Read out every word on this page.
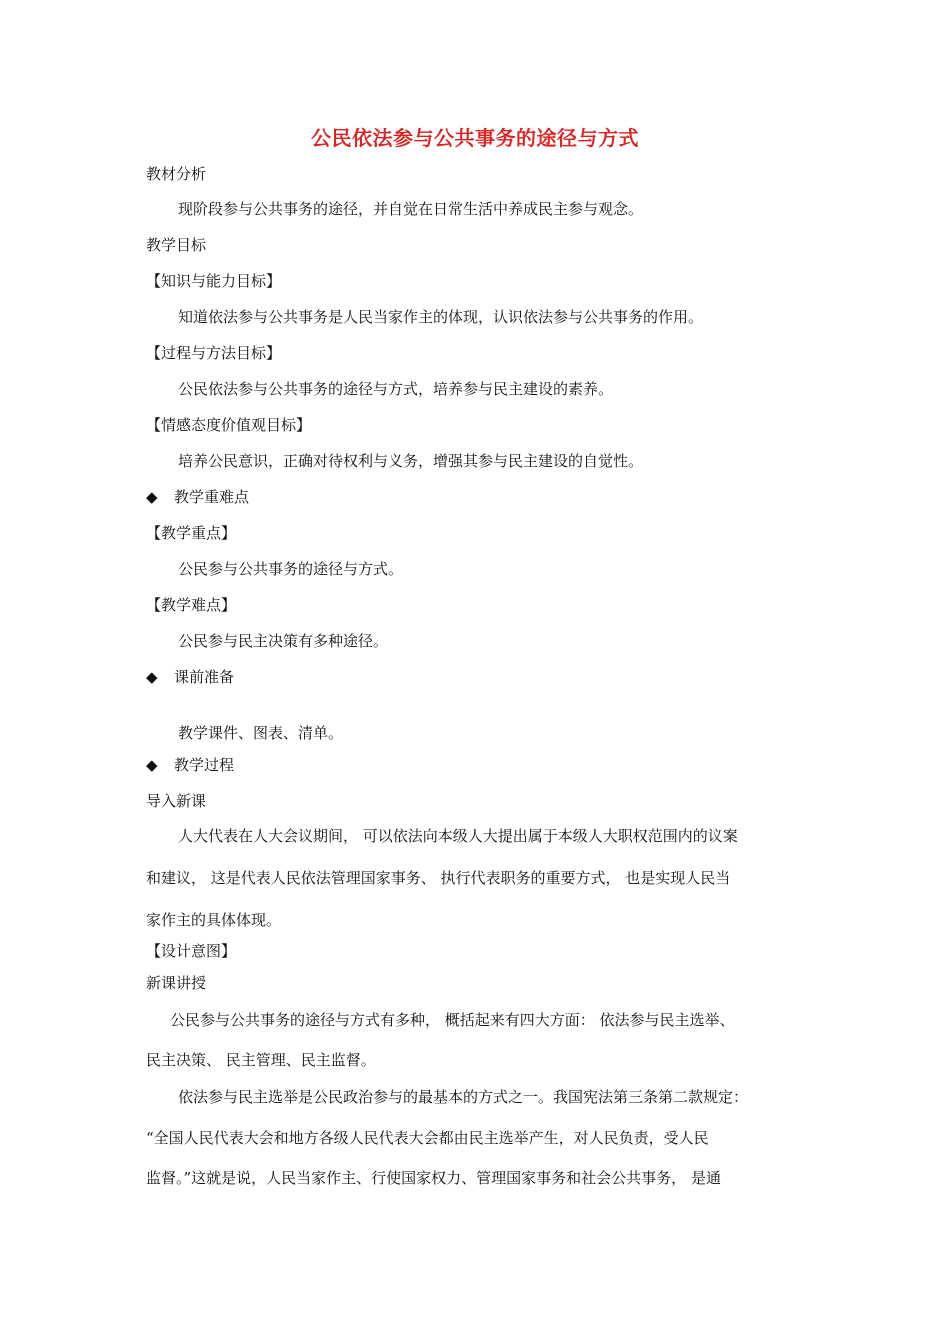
公民依法参与公共事务的途径与方式
教材分析
现阶段参与公共事务的途径，并自觉在日常生活中养成民主参与观念。
教学目标
【知识与能力目标】
知道依法参与公共事务是人民当家作主的体现，认识依法参与公共事务的作用。
【过程与方法目标】
公民依法参与公共事务的途径与方式，培养参与民主建设的素养。
【情感态度价值观目标】
培养公民意识，正确对待权利与义务，增强其参与民主建设的自觉性。
◆ 教学重难点
【教学重点】
公民参与公共事务的途径与方式。
【教学难点】
公民参与民主决策有多种途径。
◆ 课前准备
教学课件、图表、清单。
◆ 教学过程
导入新课
人大代表在人大会议期间， 可以依法向本级人大提出属于本级人大职权范围内的议案
和建议， 这是代表人民依法管理国家事务、 执行代表职务的重要方式， 也是实现人民当
家作主的具体体现。
【设计意图】
新课讲授
公民参与公共事务的途径与方式有多种， 概括起来有四大方面： 依法参与民主选举、
民主决策、 民主管理、民主监督。
依法参与民主选举是公民政治参与的最基本的方式之一。我国宪法第三条第二款规定：
“全国人民代表大会和地方各级人民代表大会都由民主选举产生，对人民负责，受人民
监督。”这就是说，人民当家作主、行使国家权力、管理国家事务和社会公共事务， 是通
